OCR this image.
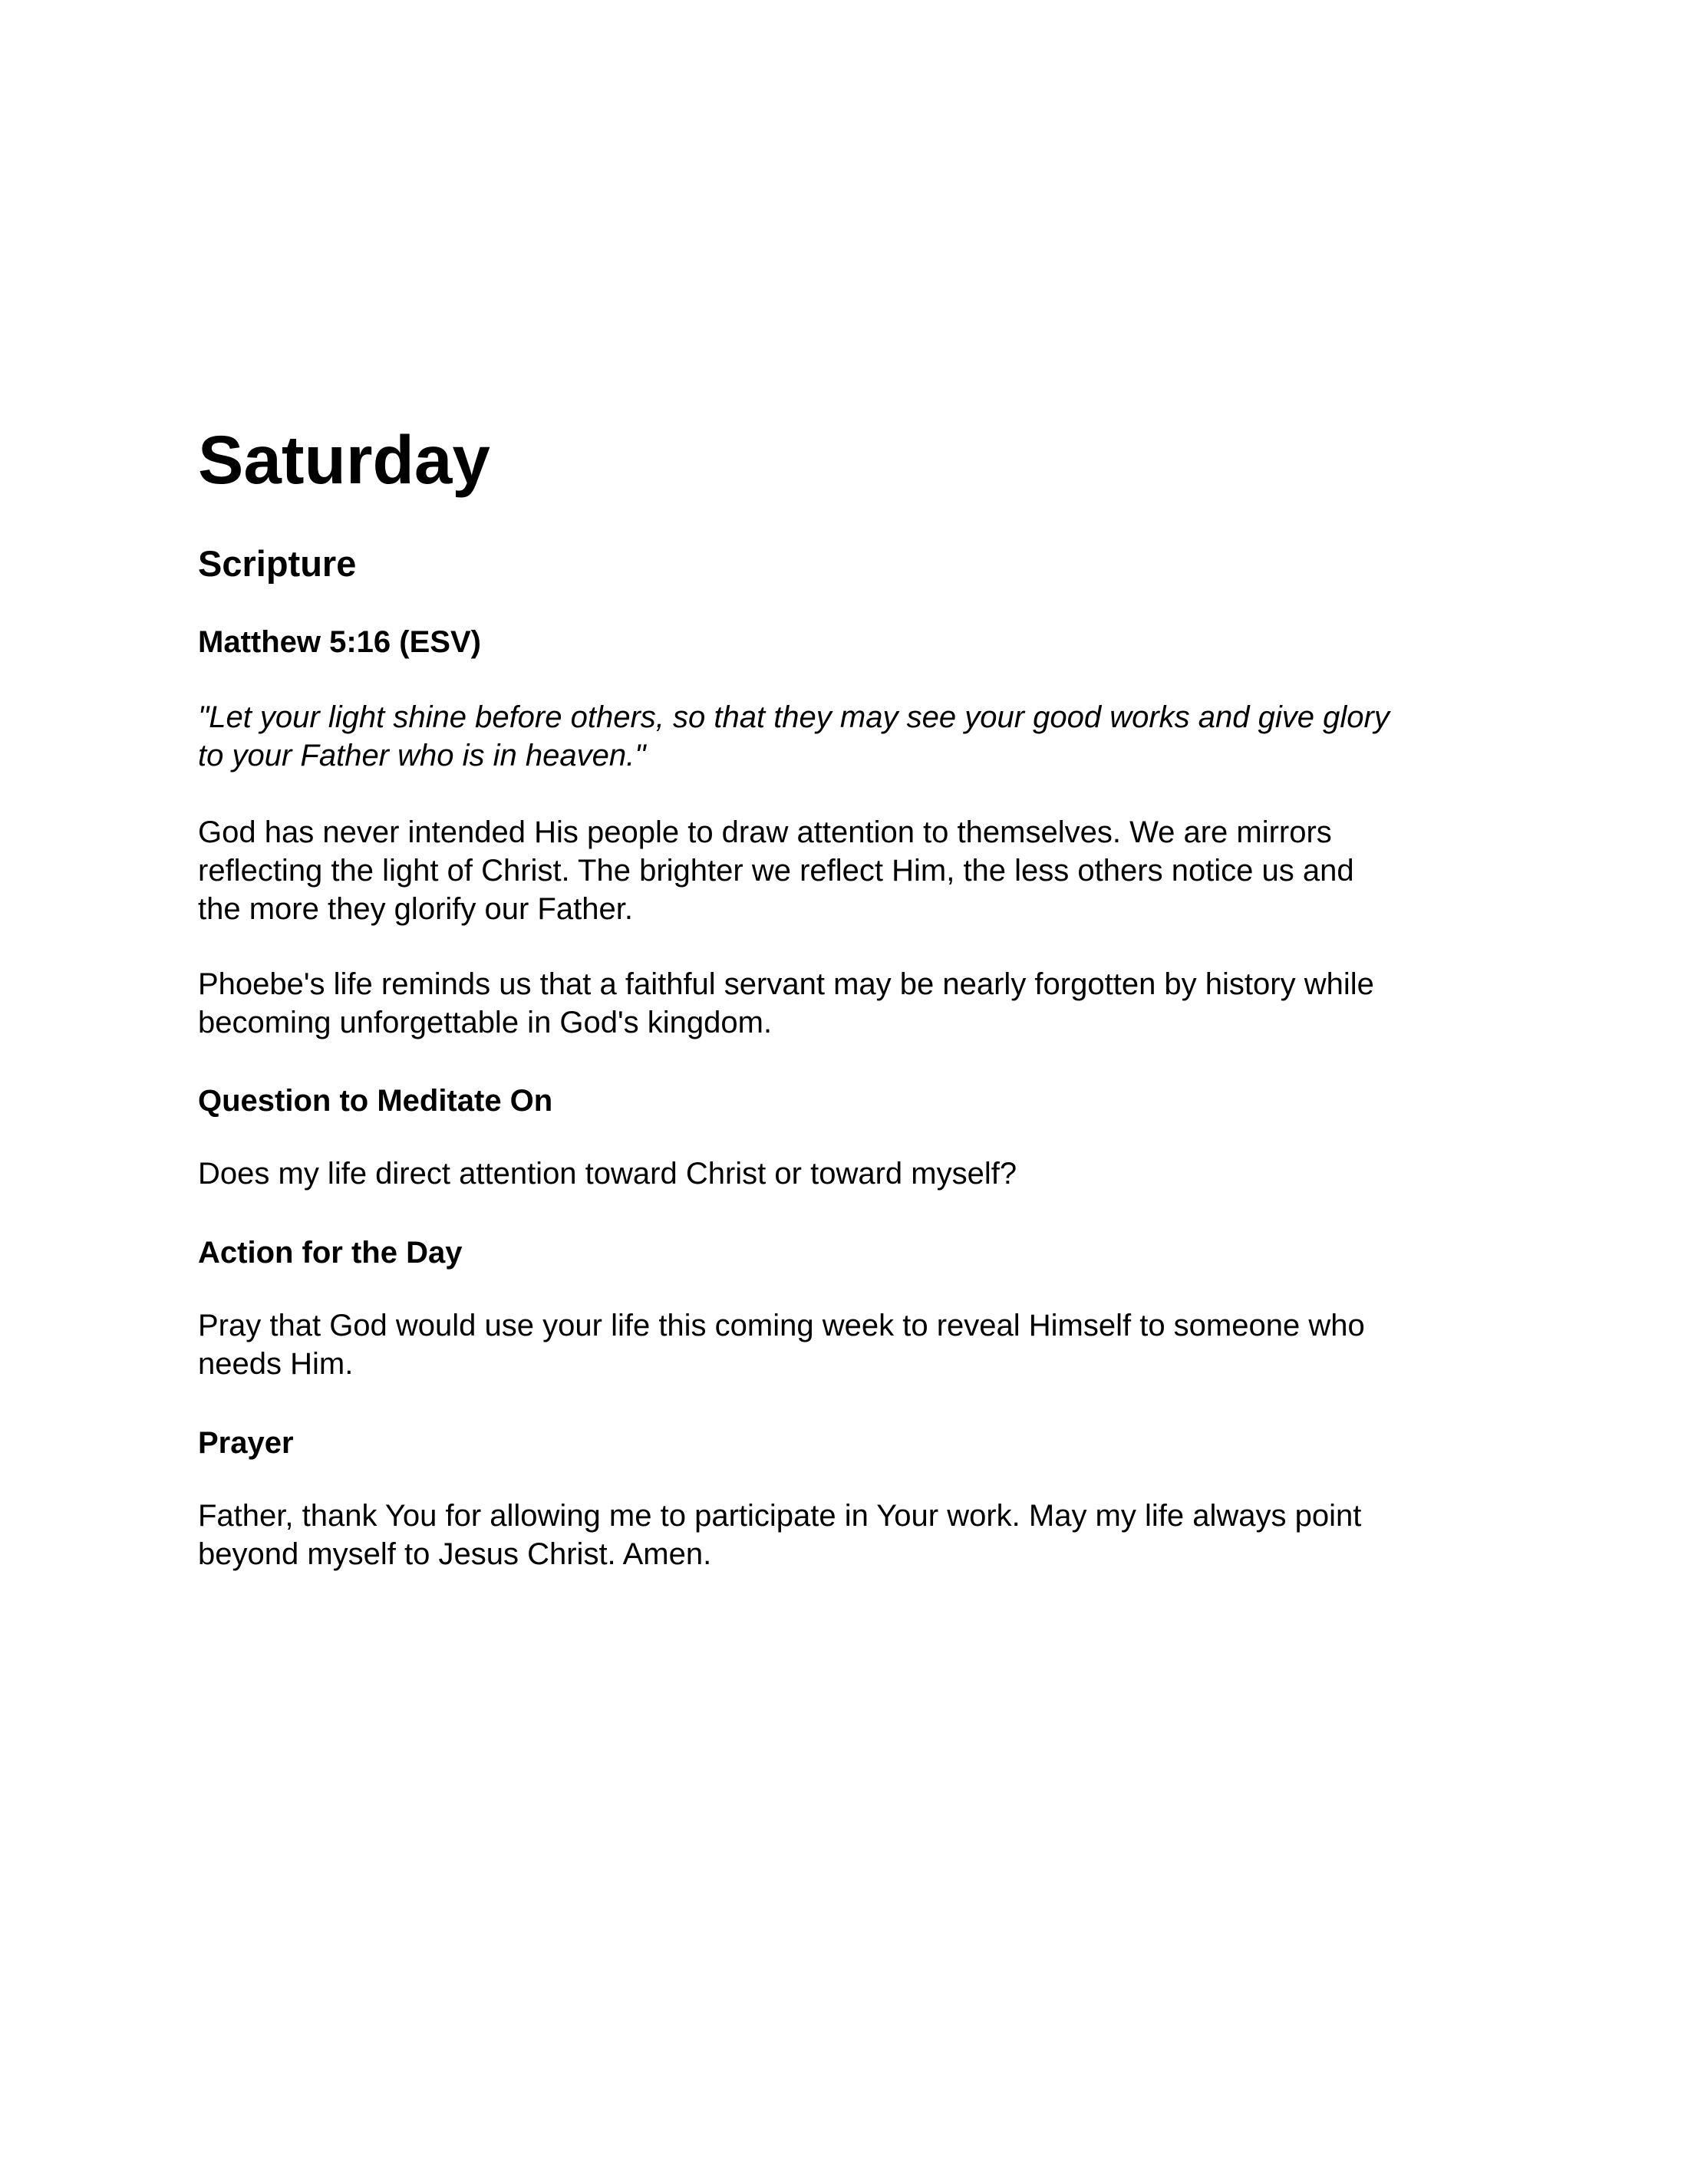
Saturday
Scripture
Matthew 5:16 (ESV)

"Let your light shine before others, so that they may see your good works and give glory
to your Father who is in heaven."

God has never intended His people to draw attention to themselves. We are mirrors
reflecting the light of Christ. The brighter we reflect Him, the less others notice us and
the more they glorify our Father.

Phoebe's life reminds us that a faithful servant may be nearly forgotten by history while
becoming unforgettable in God's kingdom.

Question to Meditate On

Does my life direct attention toward Christ or toward myself?

Action for the Day

Pray that God would use your life this coming week to reveal Himself to someone who
needs Him.

Prayer

Father, thank You for allowing me to participate in Your work. May my life always point
beyond myself to Jesus Christ. Amen.
